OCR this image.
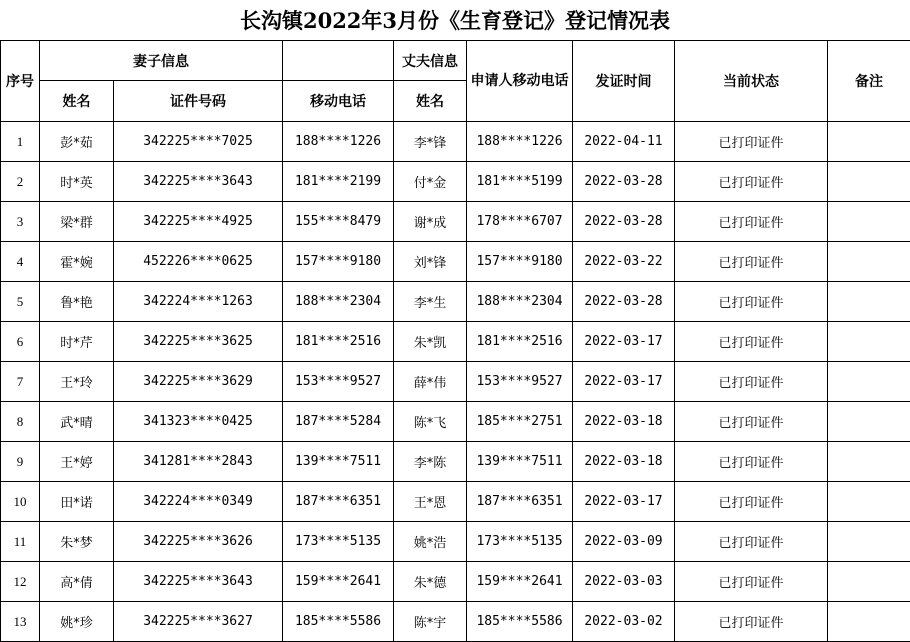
长沟镇2022年3月份《生育登记》登记情况表
序号	妻子信息			丈夫信息	申请人移动电话	发证时间	当前状态	备注
	姓名	证件号码	移动电话	姓名				
1	彭*茹	342225****7025	188****1226	李*锋	188****1226	2022-04-11	已打印证件	
2	时*英	342225****3643	181****2199	付*金	181****5199	2022-03-28	已打印证件	
3	梁*群	342225****4925	155****8479	谢*成	178****6707	2022-03-28	已打印证件	
4	霍*婉	452226****0625	157****9180	刘*锋	157****9180	2022-03-22	已打印证件	
5	鲁*艳	342224****1263	188****2304	李*生	188****2304	2022-03-28	已打印证件	
6	时*芹	342225****3625	181****2516	朱*凯	181****2516	2022-03-17	已打印证件	
7	王*玲	342225****3629	153****9527	薛*伟	153****9527	2022-03-17	已打印证件	
8	武*晴	341323****0425	187****5284	陈*飞	185****2751	2022-03-18	已打印证件	
9	王*婷	341281****2843	139****7511	李*陈	139****7511	2022-03-18	已打印证件	
10	田*诺	342224****0349	187****6351	王*恩	187****6351	2022-03-17	已打印证件	
11	朱*梦	342225****3626	173****5135	姚*浩	173****5135	2022-03-09	已打印证件	
12	高*倩	342225****3643	159****2641	朱*德	159****2641	2022-03-03	已打印证件	
13	姚*珍	342225****3627	185****5586	陈*宇	185****5586	2022-03-02	已打印证件	
